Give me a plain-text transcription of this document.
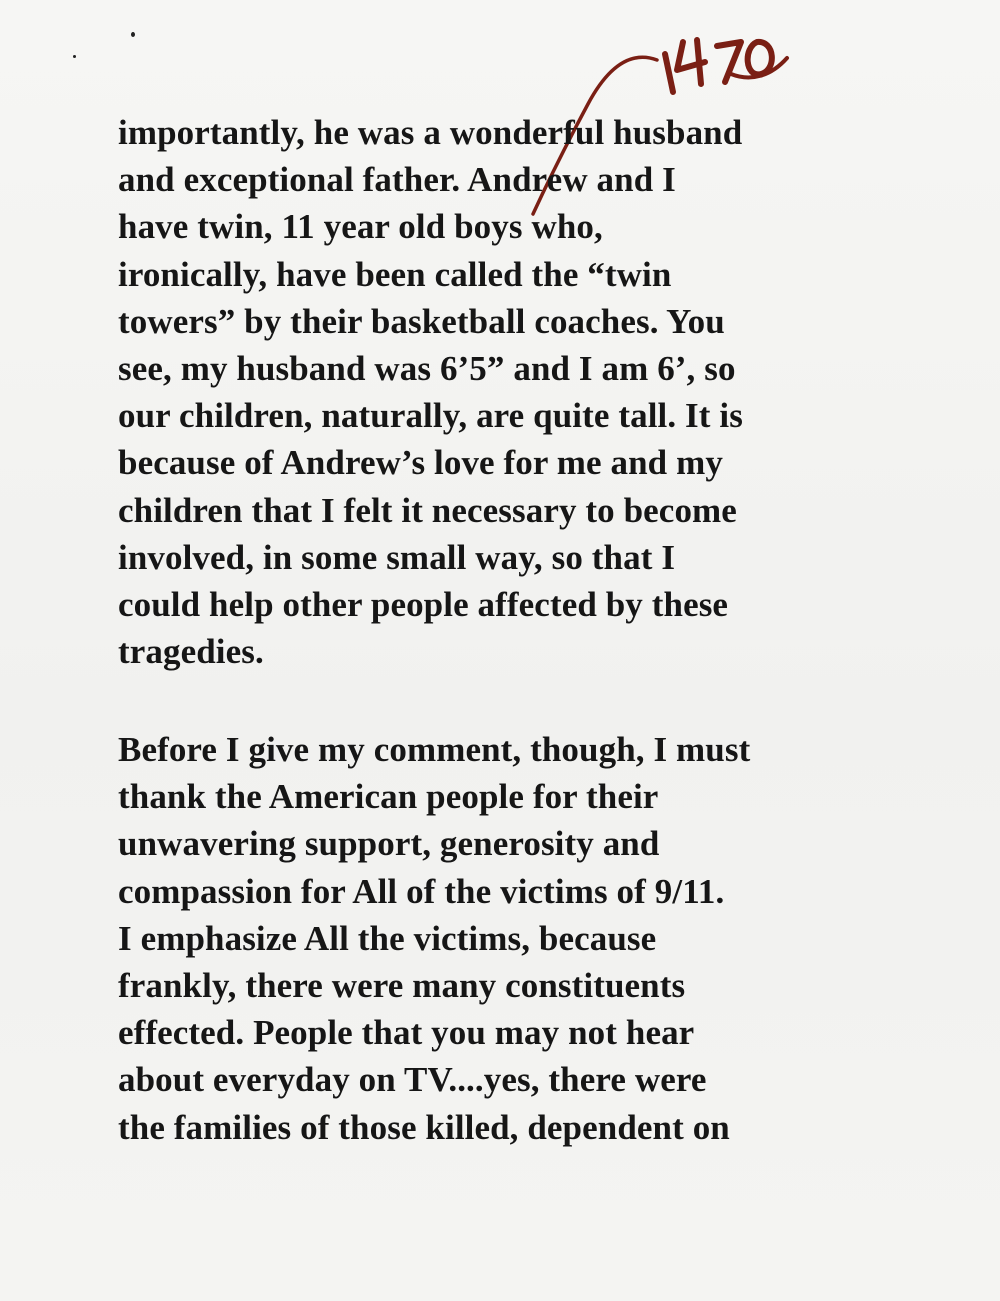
importantly, he was a wonderful husband
and exceptional father. Andrew and I
have twin, 11 year old boys who,
ironically, have been called the “twin
towers” by their basketball coaches. You
see, my husband was 6’5” and I am 6’, so
our children, naturally, are quite tall. It is
because of Andrew’s love for me and my
children that I felt it necessary to become
involved, in some small way, so that I
could help other people affected by these
tragedies.
Before I give my comment, though, I must
thank the American people for their
unwavering support, generosity and
compassion for All of the victims of 9/11.
I emphasize All the victims, because
frankly, there were many constituents
effected. People that you may not hear
about everyday on TV....yes, there were
the families of those killed, dependent on
